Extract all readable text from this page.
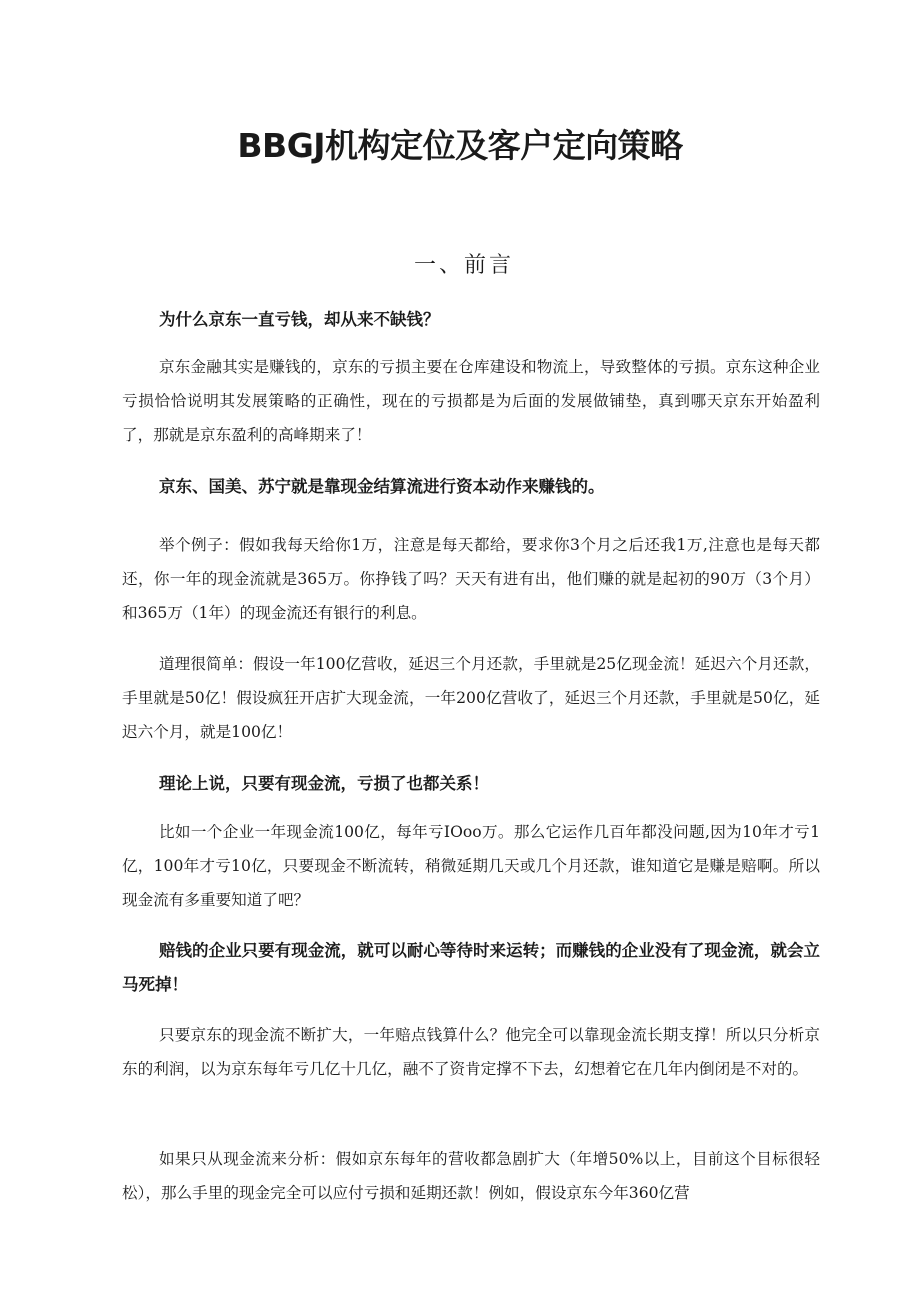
BBGJ机构定位及客户定向策略
一、前言
为什么京东一直亏钱，却从来不缺钱？
京东金融其实是赚钱的，京东的亏损主要在仓库建设和物流上，导致整体的亏损。京东这种企业亏损恰恰说明其发展策略的正确性，现在的亏损都是为后面的发展做铺垫，真到哪天京东开始盈利了，那就是京东盈利的高峰期来了！
京东、国美、苏宁就是靠现金结算流进行资本动作来赚钱的。
举个例子：假如我每天给你1万，注意是每天都给，要求你3个月之后还我1万,注意也是每天都还，你一年的现金流就是365万。你挣钱了吗？天天有进有出，他们赚的就是起初的90万（3个月）和365万（1年）的现金流还有银行的利息。
道理很简单：假设一年100亿营收，延迟三个月还款，手里就是25亿现金流！延迟六个月还款，手里就是50亿！假设疯狂开店扩大现金流，一年200亿营收了，延迟三个月还款，手里就是50亿，延迟六个月，就是100亿！
理论上说，只要有现金流，亏损了也都关系！
比如一个企业一年现金流100亿，每年亏IOoo万。那么它运作几百年都没问题,因为10年才亏1亿，100年才亏10亿，只要现金不断流转，稍微延期几天或几个月还款，谁知道它是赚是赔啊。所以现金流有多重要知道了吧？
赔钱的企业只要有现金流，就可以耐心等待时来运转；而赚钱的企业没有了现金流，就会立马死掉！
只要京东的现金流不断扩大，一年赔点钱算什么？他完全可以靠现金流长期支撑！所以只分析京东的利润，以为京东每年亏几亿十几亿，融不了资肯定撑不下去，幻想着它在几年内倒闭是不对的。
如果只从现金流来分析：假如京东每年的营收都急剧扩大（年增50%以上，目前这个目标很轻松），那么手里的现金完全可以应付亏损和延期还款！例如，假设京东今年360亿营
